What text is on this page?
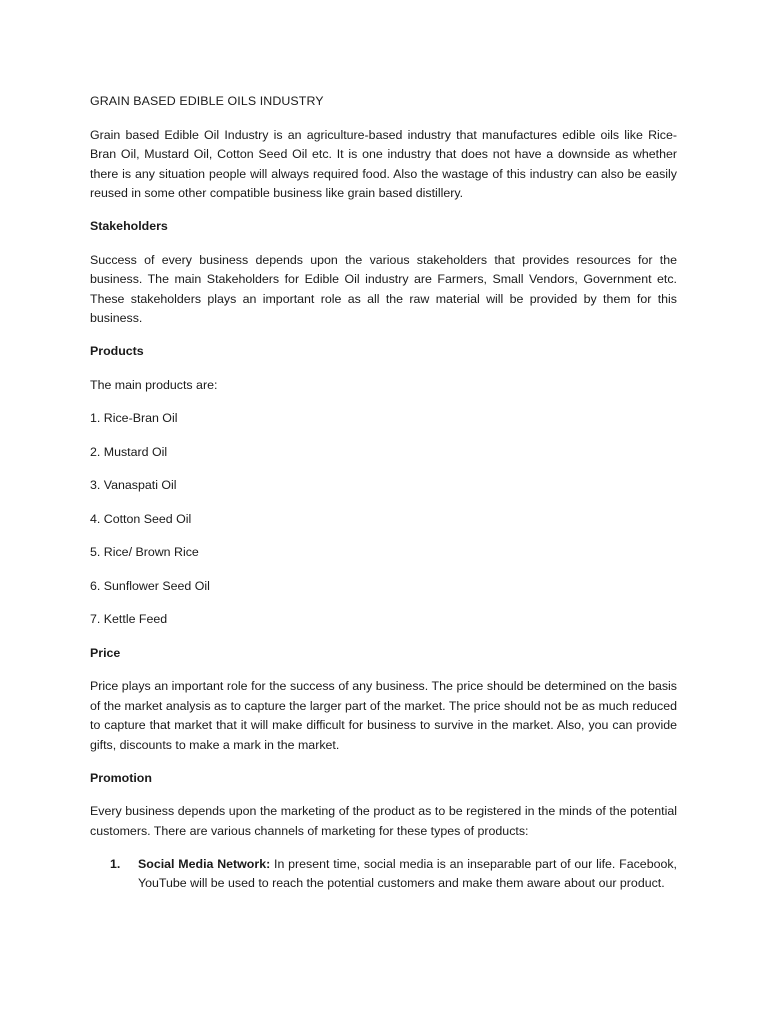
GRAIN BASED EDIBLE OILS INDUSTRY

Grain based Edible Oil Industry is an agriculture-based industry that manufactures edible oils like Rice-Bran Oil, Mustard Oil, Cotton Seed Oil etc. It is one industry that does not have a downside as whether there is any situation people will always required food. Also the wastage of this industry can also be easily reused in some other compatible business like grain based distillery.

Stakeholders

Success of every business depends upon the various stakeholders that provides resources for the business. The main Stakeholders for Edible Oil industry are Farmers, Small Vendors, Government etc. These stakeholders plays an important role as all the raw material will be provided by them for this business.

Products
The main products are:
1. Rice-Bran Oil
2. Mustard Oil
3. Vanaspati Oil
4. Cotton Seed Oil
5. Rice/ Brown Rice
6. Sunflower Seed Oil
7. Kettle Feed
Price

Price plays an important role for the success of any business. The price should be determined on the basis of the market analysis as to capture the larger part of the market. The price should not be as much reduced to capture that market that it will make difficult for business to survive in the market. Also, you can provide gifts, discounts to make a mark in the market.

Promotion

Every business depends upon the marketing of the product as to be registered in the minds of the potential customers. There are various channels of marketing for these types of products:

1.	Social Media Network: In present time, social media is an inseparable part of our life. Facebook, YouTube will be used to reach the potential customers and make them aware about our product.
